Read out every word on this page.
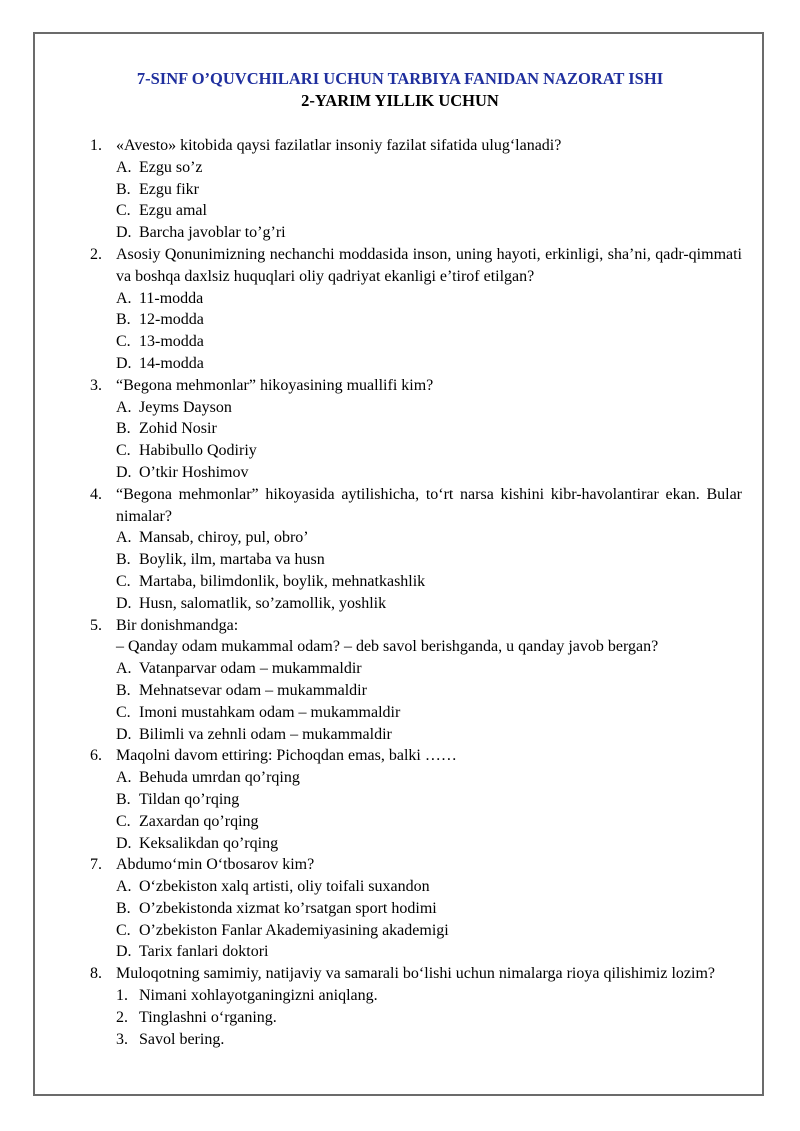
7-SINF O’QUVCHILARI UCHUN TARBIYA FANIDAN NAZORAT ISHI
2-YARIM YILLIK UCHUN
1. «Avesto» kitobida qaysi fazilatlar insoniy fazilat sifatida ulug‘lanadi?
A. Ezgu so’z
B. Ezgu fikr
C. Ezgu amal
D. Barcha javoblar to’g’ri
2. Asosiy Qonunimizning nechanchi moddasida inson, uning hayoti, erkinligi, sha’ni, qadr-qimmati va boshqa daxlsiz huquqlari oliy qadriyat ekanligi e’tirof etilgan?
A. 11-modda
B. 12-modda
C. 13-modda
D. 14-modda
3. “Begona mehmonlar” hikoyasining muallifi kim?
A. Jeyms Dayson
B. Zohid Nosir
C. Habibullo Qodiriy
D. O’tkir Hoshimov
4. “Begona mehmonlar” hikoyasida aytilishicha, to‘rt narsa kishini kibr-havolantirar ekan. Bular nimalar?
A. Mansab, chiroy, pul, obro’
B. Boylik, ilm, martaba va husn
C. Martaba, bilimdonlik, boylik, mehnatkashlik
D. Husn, salomatlik, so’zamollik, yoshlik
5. Bir donishmandga:
– Qanday odam mukammal odam? – deb savol berishganda, u qanday javob bergan?
A. Vatanparvar odam – mukammaldir
B. Mehnatsevar odam – mukammaldir
C. Imoni mustahkam odam – mukammaldir
D. Bilimli va zehnli odam – mukammaldir
6. Maqolni davom ettiring: Pichoqdan emas, balki ……
A. Behuda umrdan qo’rqing
B. Tildan qo’rqing
C. Zaxardan qo’rqing
D. Keksalikdan qo’rqing
7. Abdumo‘min O‘tbosarov kim?
A. O‘zbekiston xalq artisti, oliy toifali suxandon
B. O’zbekistonda xizmat ko’rsatgan sport hodimi
C. O’zbekiston Fanlar Akademiyasining akademigi
D. Tarix fanlari doktori
8. Muloqotning samimiy, natijaviy va samarali bo‘lishi uchun nimalarga rioya qilishimiz lozim?
1. Nimani xohlayotganingizni aniqlang.
2. Tinglashni o‘rganing.
3. Savol bering.
